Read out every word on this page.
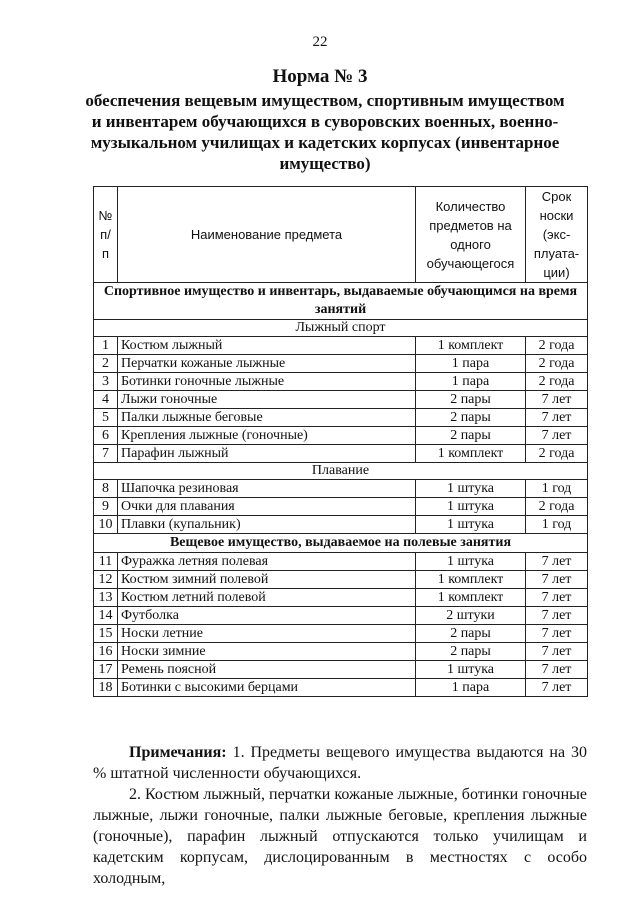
22
Норма № 3
обеспечения вещевым имуществом, спортивным имуществом и инвентарем обучающихся в суворовских военных, военно-музыкальном училищах и кадетских корпусах (инвентарное имущество)
№ п/п	Наименование предмета	Количество предметов на одного обучающегося	Срок носки (экс-плуата-ции)
Спортивное имущество и инвентарь, выдаваемые обучающимся на время занятий			
Лыжный спорт			
1	Костюм лыжный	1 комплект	2 года
2	Перчатки кожаные лыжные	1 пара	2 года
3	Ботинки гоночные лыжные	1 пара	2 года
4	Лыжи гоночные	2 пары	7 лет
5	Палки лыжные беговые	2 пары	7 лет
6	Крепления лыжные (гоночные)	2 пары	7 лет
7	Парафин лыжный	1 комплект	2 года
Плавание			
8	Шапочка резиновая	1 штука	1 год
9	Очки для плавания	1 штука	2 года
10	Плавки (купальник)	1 штука	1 год
Вещевое имущество, выдаваемое на полевые занятия			
11	Фуражка летняя полевая	1 штука	7 лет
12	Костюм зимний полевой	1 комплект	7 лет
13	Костюм летний полевой	1 комплект	7 лет
14	Футболка	2 штуки	7 лет
15	Носки летние	2 пары	7 лет
16	Носки зимние	2 пары	7 лет
17	Ремень поясной	1 штука	7 лет
18	Ботинки с высокими берцами	1 пара	7 лет

Примечания: 1. Предметы вещевого имущества выдаются на 30 % штатной численности обучающихся.

2. Костюм лыжный, перчатки кожаные лыжные, ботинки гоночные лыжные, лыжи гоночные, палки лыжные беговые, крепления лыжные (гоночные), парафин лыжный отпускаются только училищам и кадетским корпусам, дислоцированным в местностях с особо холодным,
